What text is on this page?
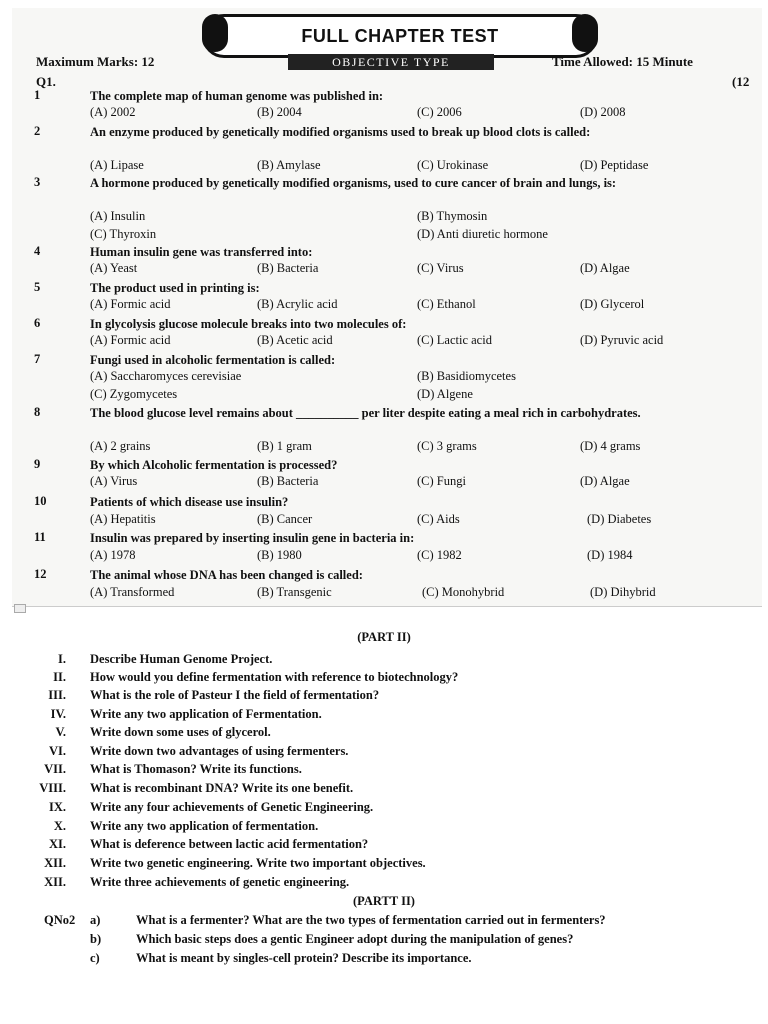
FULL CHAPTER TEST
Maximum Marks: 12	OBJECTIVE TYPE	Time Allowed: 15 Minute
Q1.	(12
1	The complete map of human genome was published in:
(A) 2002	(B) 2004	(C) 2006	(D) 2008
2	An enzyme produced by genetically modified organisms used to break up blood clots is called:
(A) Lipase	(B) Amylase	(C) Urokinase	(D) Peptidase
3	A hormone produced by genetically modified organisms, used to cure cancer of brain and lungs, is:
(A) Insulin	(B) Thymosin
(C) Thyroxin	(D) Anti diuretic hormone
4	Human insulin gene was transferred into:
(A) Yeast	(B) Bacteria	(C) Virus	(D) Algae
5	The product used in printing is:
(A) Formic acid	(B) Acrylic acid	(C) Ethanol	(D) Glycerol
6	In glycolysis glucose molecule breaks into two molecules of:
(A) Formic acid	(B) Acetic acid	(C) Lactic acid	(D) Pyruvic acid
7	Fungi used in alcoholic fermentation is called:
(A) Saccharomyces cerevisiae	(B) Basidiomycetes
(C) Zygomycetes	(D) Algene
8	The blood glucose level remains about __________ per liter despite eating a meal rich in carbohydrates.
(A) 2 grains	(B) 1 gram	(C) 3 grams	(D) 4 grams
9	By which Alcoholic fermentation is processed?
(A) Virus	(B) Bacteria	(C) Fungi	(D) Algae
10	Patients of which disease use insulin?
(A) Hepatitis	(B) Cancer	(C) Aids	(D) Diabetes
11	Insulin was prepared by inserting insulin gene in bacteria in:
(A) 1978	(B) 1980	(C) 1982	(D) 1984
12	The animal whose DNA has been changed is called:
(A) Transformed	(B) Transgenic	(C) Monohybrid	(D) Dihybrid
(PART II)
I. Describe Human Genome Project.
II. How would you define fermentation with reference to biotechnology?
III. What is the role of Pasteur I the field of fermentation?
IV. Write any two application of Fermentation.
V. Write down some uses of glycerol.
VI. Write down two advantages of using fermenters.
VII. What is Thomason? Write its functions.
VIII. What is recombinant DNA? Write its one benefit.
IX. Write any four achievements of Genetic Engineering.
X. Write any two application of fermentation.
XI. What is deference between lactic acid fermentation?
XII. Write two genetic engineering. Write two important objectives.
XII. Write three achievements of genetic engineering.
(PARTT II)
QNo2 a)	What is a fermenter? What are the two types of fermentation carried out in fermenters?
b)	Which basic steps does a gentic Engineer adopt during the manipulation of genes?
c)	What is meant by singles-cell protein? Describe its importance.
